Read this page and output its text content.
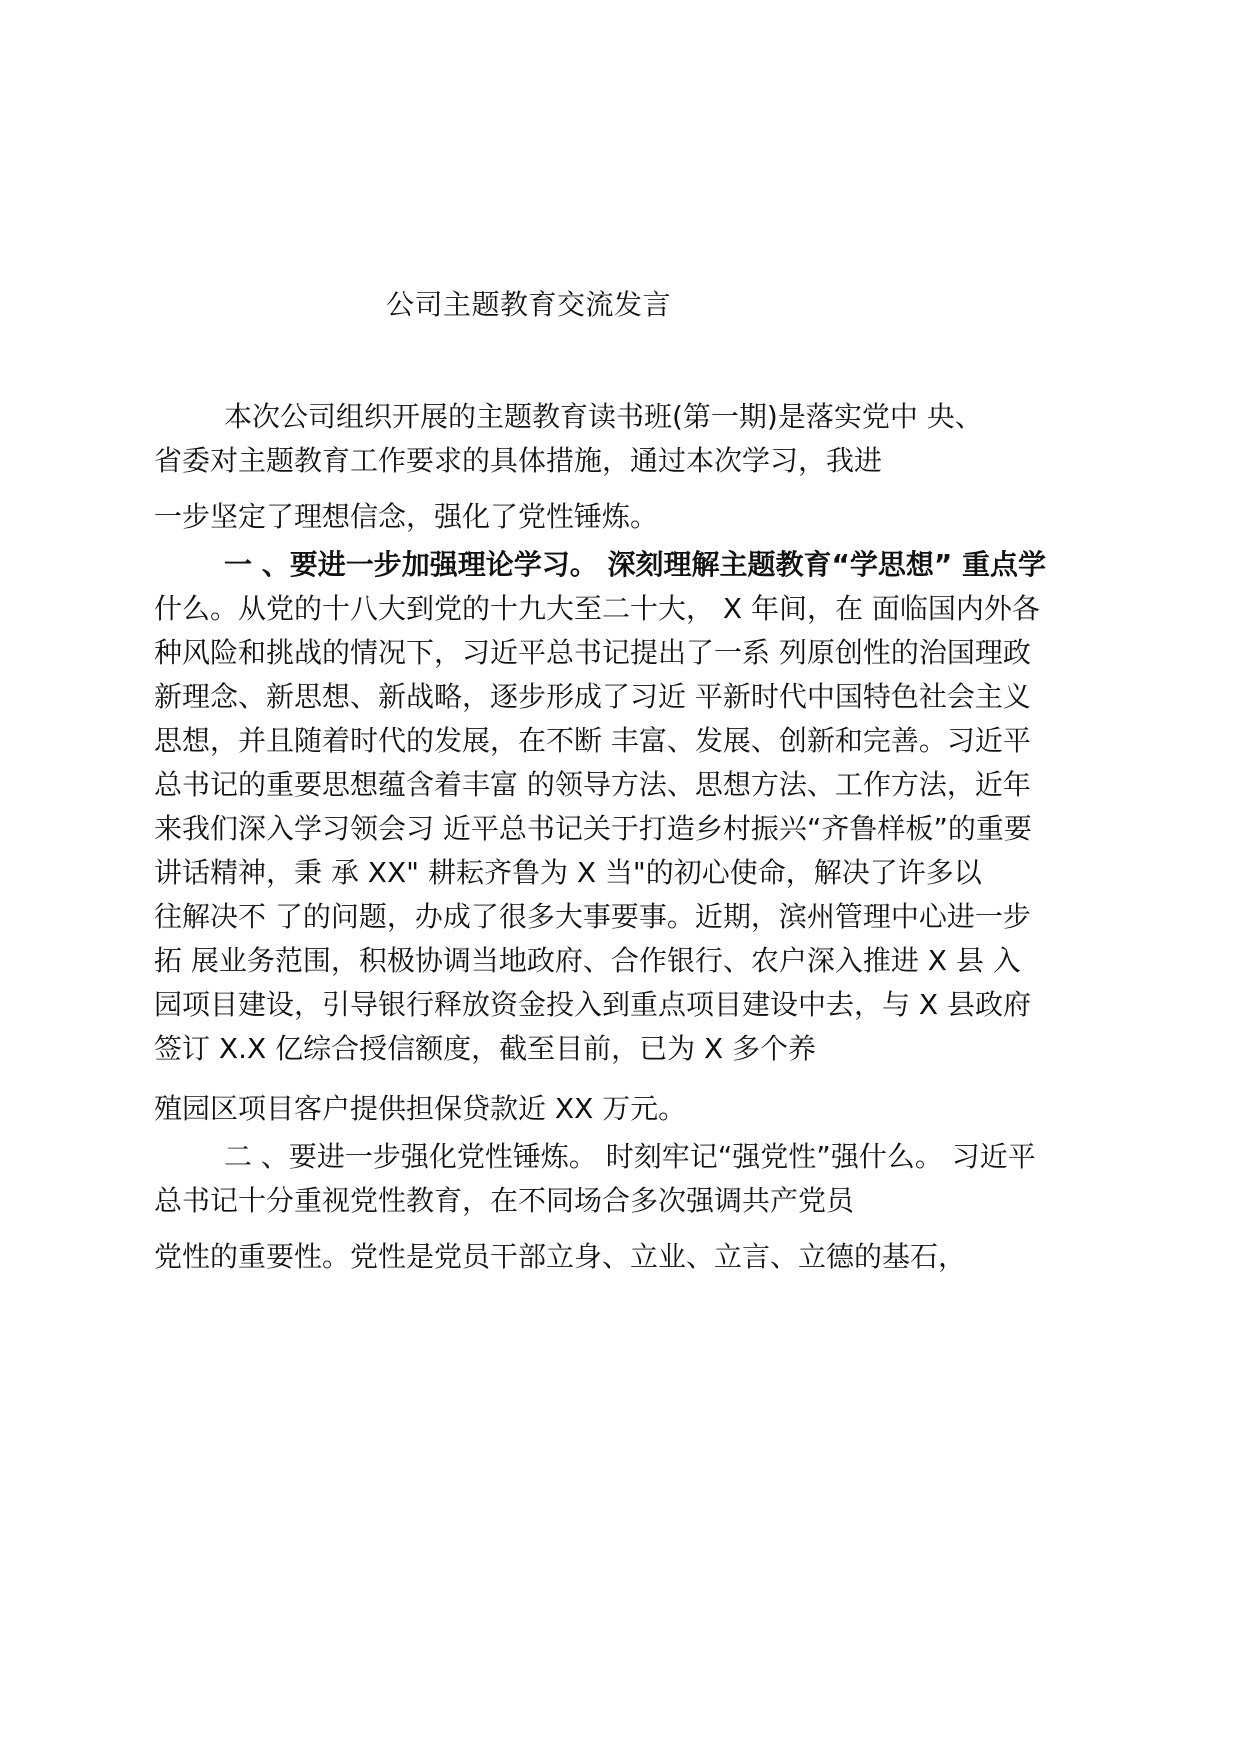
公司主题教育交流发言
本次公司组织开展的主题教育读书班(第一期)是落实党中 央、
省委对主题教育工作要求的具体措施，通过本次学习，我进
一步坚定了理想信念，强化了党性锤炼。
一 、要进一步加强理论学习。 深刻理解主题教育“学思想” 重点学
什么。从党的十八大到党的十九大至二十大， X 年间，在 面临国内外各
种风险和挑战的情况下，习近平总书记提出了一系 列原创性的治国理政
新理念、新思想、新战略，逐步形成了习近 平新时代中国特色社会主义
思想，并且随着时代的发展，在不断 丰富、发展、创新和完善。习近平
总书记的重要思想蕴含着丰富 的领导方法、思想方法、工作方法，近年
来我们深入学习领会习 近平总书记关于打造乡村振兴“齐鲁样板”的重要
讲话精神，秉 承 XX" 耕耘齐鲁为 X 当"的初心使命，解决了许多以
往解决不 了的问题，办成了很多大事要事。近期，滨州管理中心进一步
拓 展业务范围，积极协调当地政府、合作银行、农户深入推进 X 县 入
园项目建设，引导银行释放资金投入到重点项目建设中去，与 X 县政府
签订 X.X 亿综合授信额度，截至目前，已为 X 多个养
殖园区项目客户提供担保贷款近 XX 万元。
二 、要进一步强化党性锤炼。 时刻牢记“强党性”强什么。 习近平
总书记十分重视党性教育，在不同场合多次强调共产党员
党性的重要性。党性是党员干部立身、立业、立言、立德的基石，
